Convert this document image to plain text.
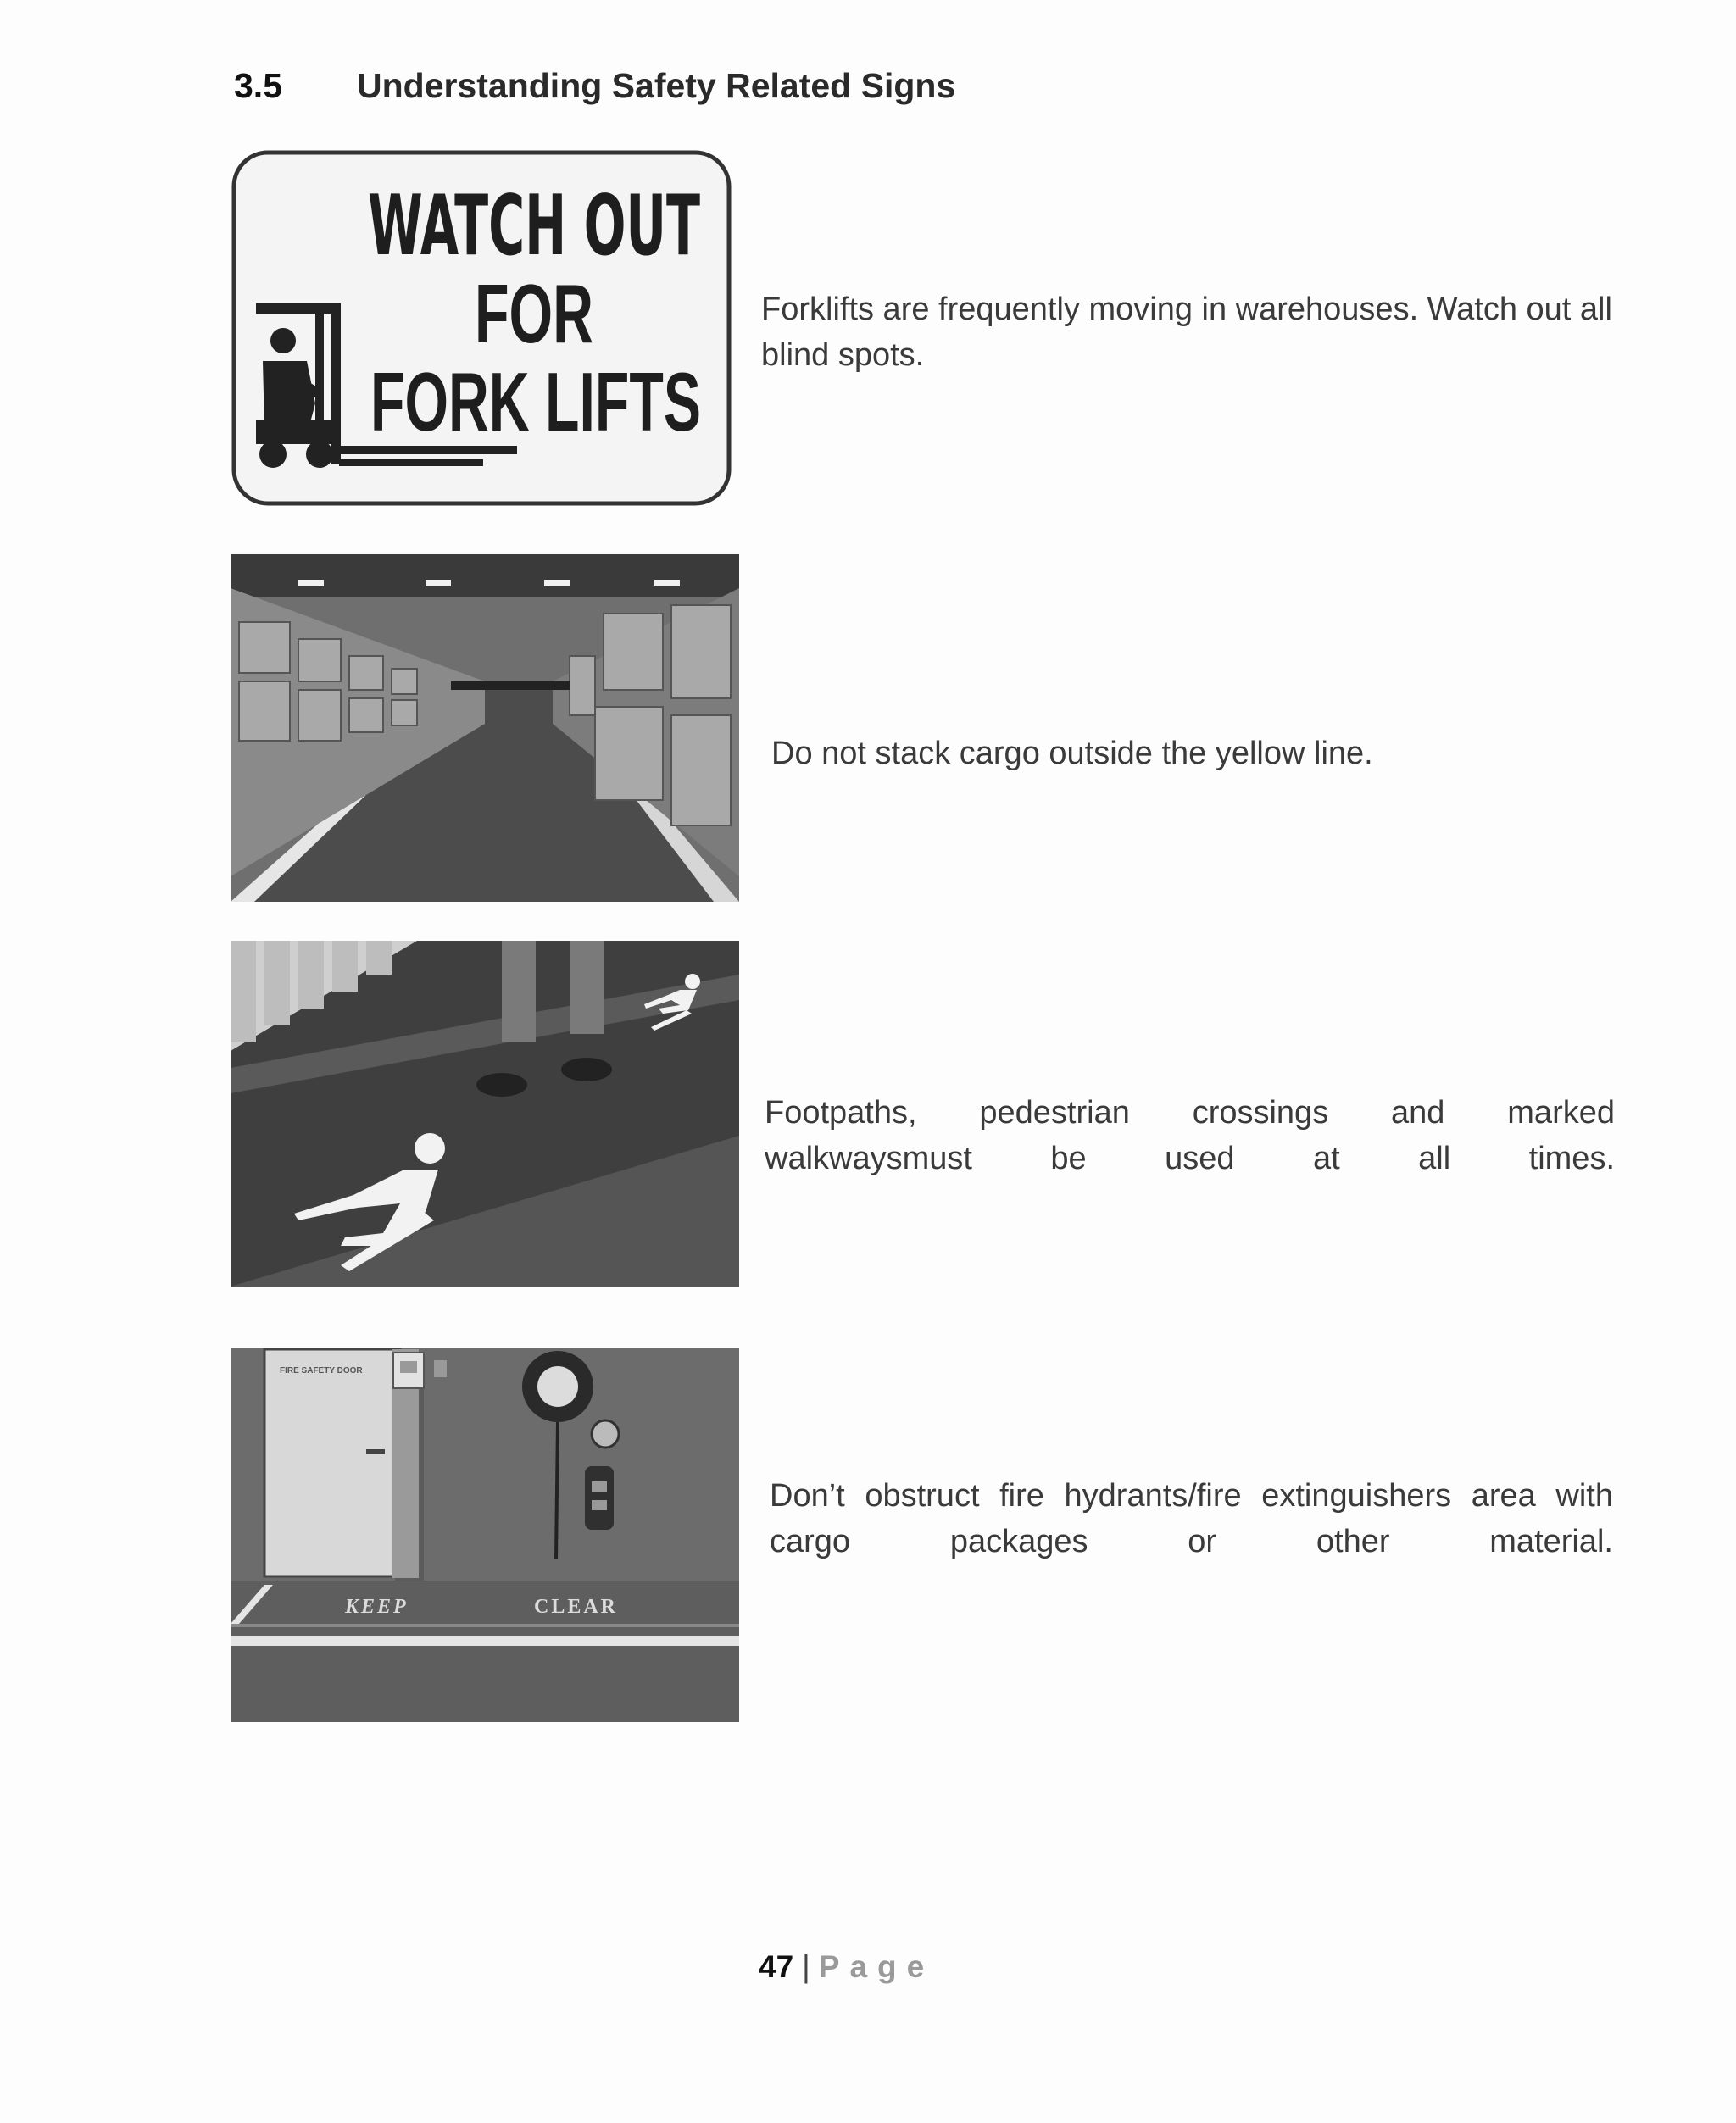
3.5 Understanding Safety Related Signs
WATCH OUT
FOR
FORK LIFTS
Forklifts are frequently moving in warehouses. Watch out all blind spots.
Do not stack cargo outside the yellow line.
Footpaths, pedestrian crossings and marked walkwaysmust be used at all times.
FIRE SAFETY DOOR
KEEP	CLEAR
Don’t obstruct fire hydrants/fire extinguishers area with cargo packages or other material.
47 | Page
